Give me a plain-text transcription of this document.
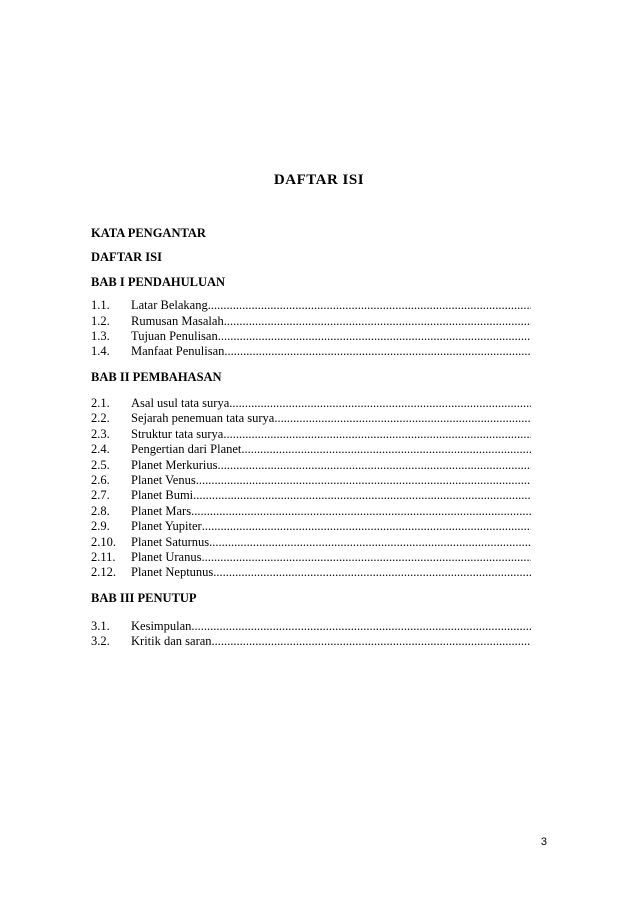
DAFTAR ISI
KATA PENGANTAR
DAFTAR ISI
BAB I PENDAHULUAN
1.1.	Latar Belakang
.....
1.2.	Rumusan Masalah
.....
1.3.	Tujuan Penulisan
.....
1.4.	Manfaat Penulisan
.....
BAB II PEMBAHASAN
2.1.	Asal usul tata surya
.....
2.2.	Sejarah penemuan tata surya
.....
2.3.	Struktur tata surya
.....
2.4.	Pengertian dari Planet
.....
2.5.	Planet Merkurius
.....
2.6.	Planet Venus
.....
2.7.	Planet Bumi
.....
2.8.	Planet Mars
.....
2.9.	Planet Yupiter
.....
2.10.	Planet Saturnus
.....
2.11.	Planet Uranus
.....
2.12.	Planet Neptunus
.....
BAB III PENUTUP
3.1.	Kesimpulan
.....
3.2.	Kritik dan saran
.....
3
